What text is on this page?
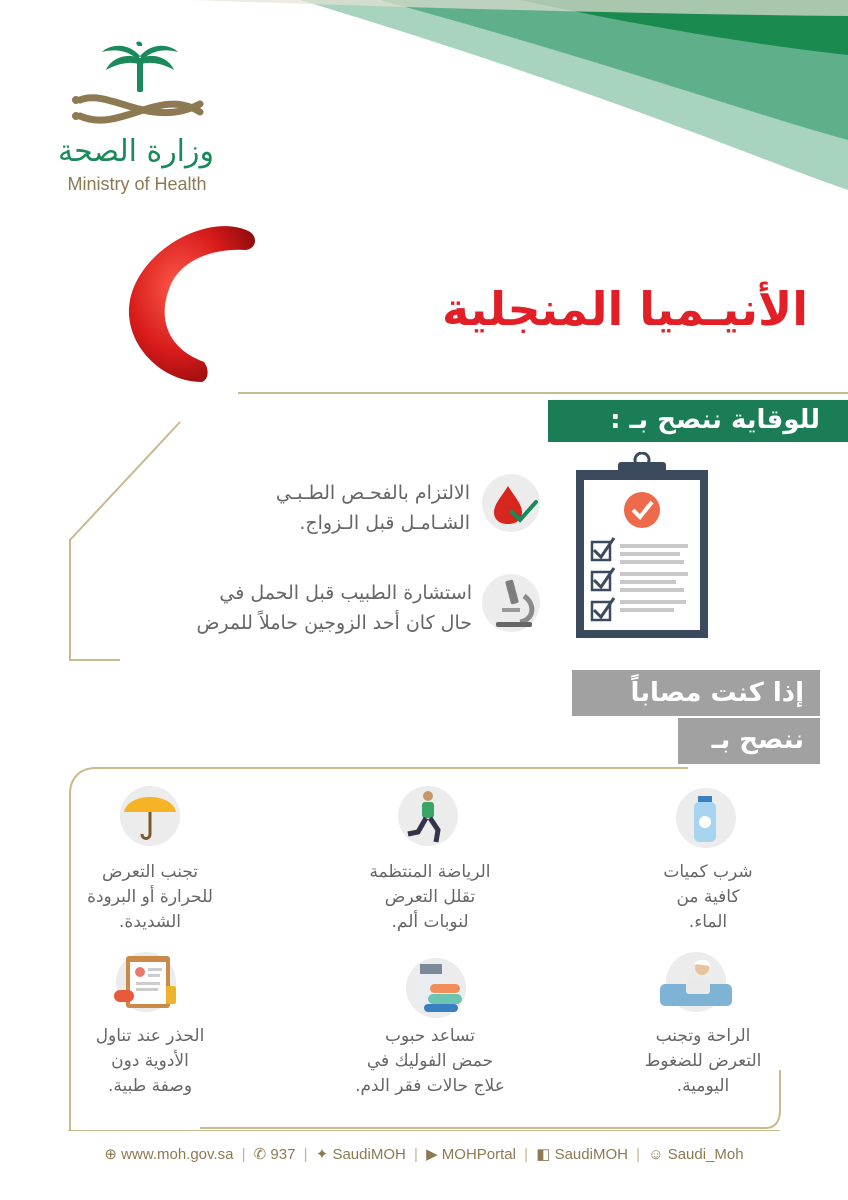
وزارة الصحة
Ministry of Health
الأنيـميا المنجلية
للوقاية ننصح بـ :
الالتزام بالفحـص الطـبـي
الشـامـل قبل الـزواج.
استشارة الطبيب قبل الحمل في
حال كان أحد الزوجين حاملاً للمرض
إذا كنت مصاباً
ننصح بـ
شرب كميات
كافية من
الماء.
الرياضة المنتظمة
تقلل التعرض
لنوبات ألم.
تجنب التعرض
للحرارة أو البرودة
الشديدة.
الراحة وتجنب
التعرض للضغوط
اليومية.
تساعد حبوب
حمض الفوليك في
علاج حالات فقر الدم.
الحذر عند تناول
الأدوية دون
وصفة طبية.
⊕ www.moh.gov.sa | ✆ 937 | ✦ SaudiMOH | ▶ MOHPortal | ◧ SaudiMOH | ☺ Saudi_Moh
